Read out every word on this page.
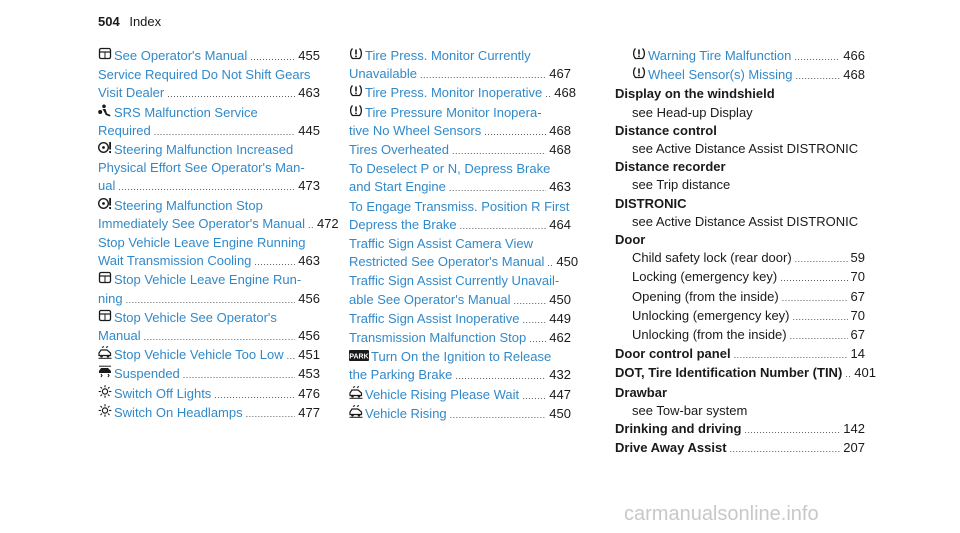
504 Index
See Operator's Manual . . .	455
Service Required Do Not Shift Gears
Visit Dealer . . .	463
SRS Malfunction Service
Required . . .	445
Steering Malfunction Increased
Physical Effort See Operator's Man-
ual . . .	473
Steering Malfunction Stop
Immediately See Operator's Manual . . . 472
Stop Vehicle Leave Engine Running
Wait Transmission Cooling . . .	463
Stop Vehicle Leave Engine Run-
ning . . .	456
Stop Vehicle See Operator's
Manual . . .	456
Stop Vehicle Vehicle Too Low . . . 451
Suspended . . .	453
Switch Off Lights . . .	476
Switch On Headlamps . . .	477
Tire Press. Monitor Currently
Unavailable . . .	467
Tire Press. Monitor Inoperative . . . 468
Tire Pressure Monitor Inopera-
tive No Wheel Sensors . . .	468
Tires Overheated . . .	468
To Deselect P or N, Depress Brake
and Start Engine . . .	463
To Engage Transmiss. Position R First
Depress the Brake . . .	464
Traffic Sign Assist Camera View
Restricted See Operator's Manual . . . 450
Traffic Sign Assist Currently Unavail-
able See Operator's Manual . . .	450
Traffic Sign Assist Inoperative . . . 449
Transmission Malfunction Stop . . . 462
PARK Turn On the Ignition to Release
the Parking Brake . . .	432
Vehicle Rising Please Wait . . . 447
Vehicle Rising . . .	450
Warning Tire Malfunction . . .	466
Wheel Sensor(s) Missing . . .	468
Display on the windshield
see Head-up Display
Distance control
see Active Distance Assist DISTRONIC
Distance recorder
see Trip distance
DISTRONIC
see Active Distance Assist DISTRONIC
Door
Child safety lock (rear door) . . .	59
Locking (emergency key) . . .	70
Opening (from the inside) . . .	67
Unlocking (emergency key) . . .	70
Unlocking (from the inside) . . .	67
Door control panel . . .	14
DOT, Tire Identification Number (TIN) . . . 401
Drawbar
see Tow-bar system
Drinking and driving . . .	142
Drive Away Assist . . .	207
carmanualsonline.info
